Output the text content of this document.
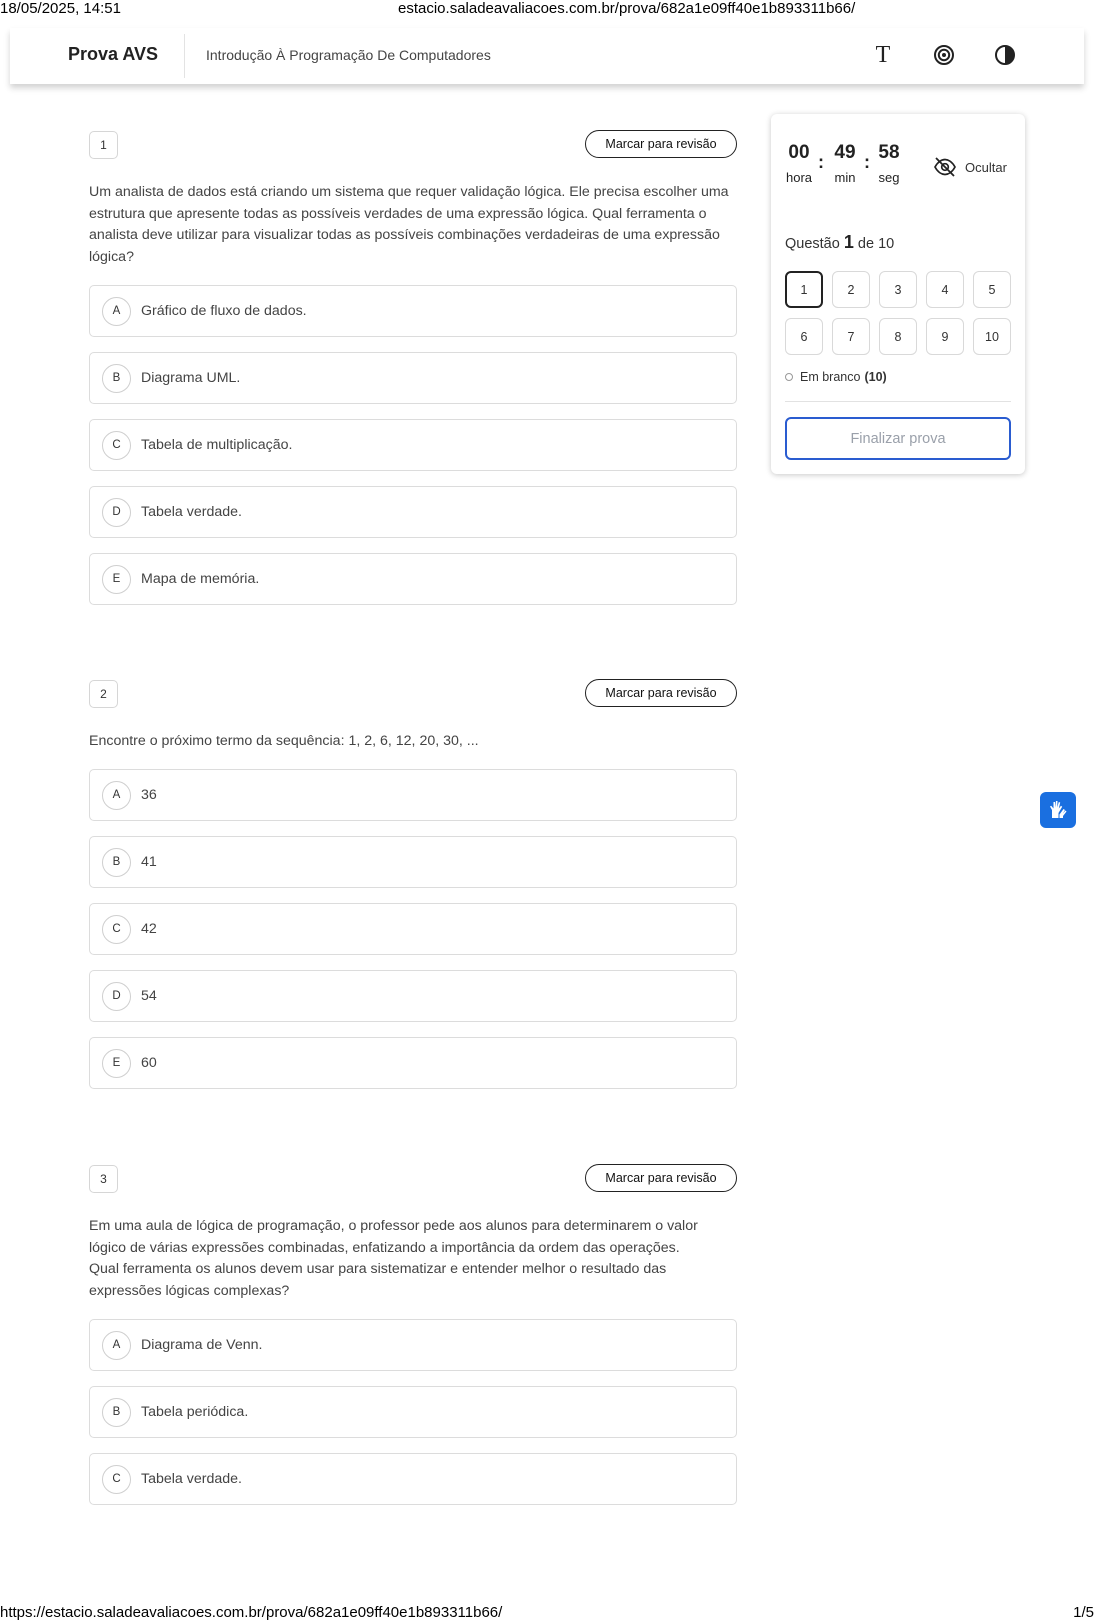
18/05/2025, 14:51	estacio.saladeavaliacoes.com.br/prova/682a1e09ff40e1b893311b66/
Prova AVS	Introdução À Programação De Computadores	T
1	Marcar para revisão
Um analista de dados está criando um sistema que requer validação lógica. Ele precisa escolher uma estrutura que apresente todas as possíveis verdades de uma expressão lógica. Qual ferramenta o analista deve utilizar para visualizar todas as possíveis combinações verdadeiras de uma expressão lógica?
A	Gráfico de fluxo de dados.
B	Diagrama UML.
C	Tabela de multiplicação.
D	Tabela verdade.
E	Mapa de memória.
2	Marcar para revisão
Encontre o próximo termo da sequência: 1, 2, 6, 12, 20, 30, ...
A	36
B	41
C	42
D	54
E	60
3	Marcar para revisão
Em uma aula de lógica de programação, o professor pede aos alunos para determinarem o valor lógico de várias expressões combinadas, enfatizando a importância da ordem das operações.
Qual ferramenta os alunos devem usar para sistematizar e entender melhor o resultado das expressões lógicas complexas?
A	Diagrama de Venn.
B	Tabela periódica.
C	Tabela verdade.
00
hora
: 49
min
: 58
seg
Ocultar
Questão 1 de 10
1	2	3	4	5
6	7	8	9	10
Em branco (10)
Finalizar prova
https://estacio.saladeavaliacoes.com.br/prova/682a1e09ff40e1b893311b66/	1/5
